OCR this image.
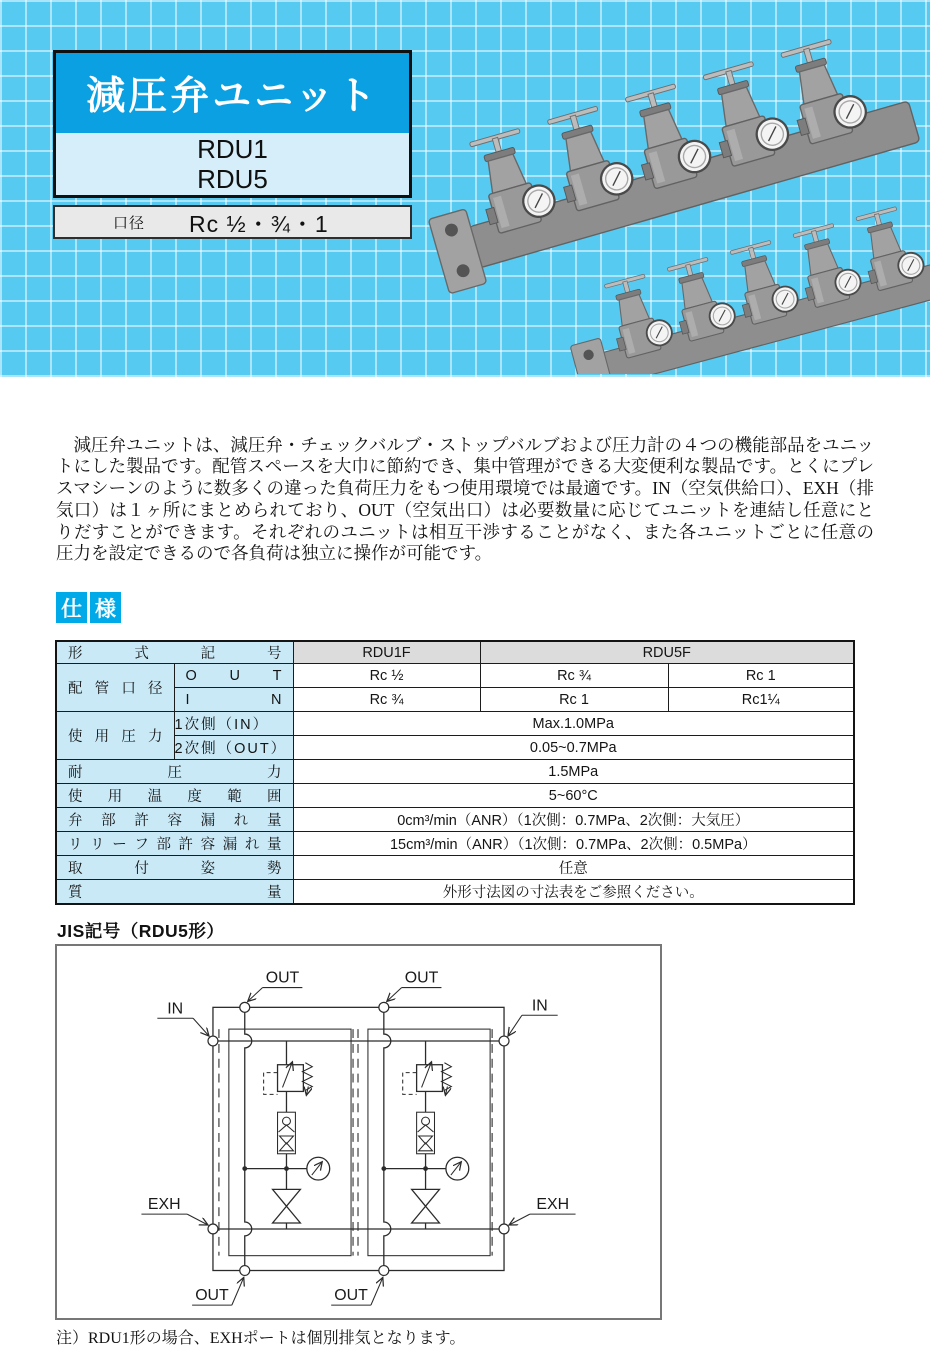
減圧弁ユニット
RDU1
RDU5
口径 Rc ½・¾・1

　減圧弁ユニットは、減圧弁・チェックバルブ・ストップバルブおよび圧力計の４つの機能部品をユニットにした製品です。配管スペースを大巾に節約でき、集中管理ができる大変便利な製品です。とくにプレスマシーンのように数多くの違った負荷圧力をもつ使用環境では最適です。IN（空気供給口）、EXH（排気口）は１ヶ所にまとめられており、OUT（空気出口）は必要数量に応じてユニットを連結し任意にとりだすことができます。それぞれのユニットは相互干渉することがなく、また各ユニットごとに任意の圧力を設定できるので各負荷は独立に操作が可能です。

仕 様
形 式 記 号		RDU1F	RDU5F	

配 管 口 径	O U T	Rc ½	Rc ¾	Rc 1

	I N	Rc ¾	Rc 1	Rc1¼

使 用 圧 力	1次側（IN）	Max.1.0MPa		
	2次側（OUT）	0.05~0.7MPa		

耐 圧 力		1.5MPa		

使 用 温 度 範 囲	5~60°C

弁 部 許 容 漏 れ 量	0cm³/min（ANR）（1次側：0.7MPa、2次側：大気圧）

リ リ ー フ 部 許 容 漏 れ 量	15cm³/min（ANR）（1次側：0.7MPa、2次側：0.5MPa）

取 付 姿 勢		任意		

質 量		外形寸法図の寸法表をご参照ください。		
JIS記号（RDU5形）
OUT	OUT
IN	IN
EXH	EXH
OUT	OUT
注）RDU1形の場合、EXHポートは個別排気となります。
